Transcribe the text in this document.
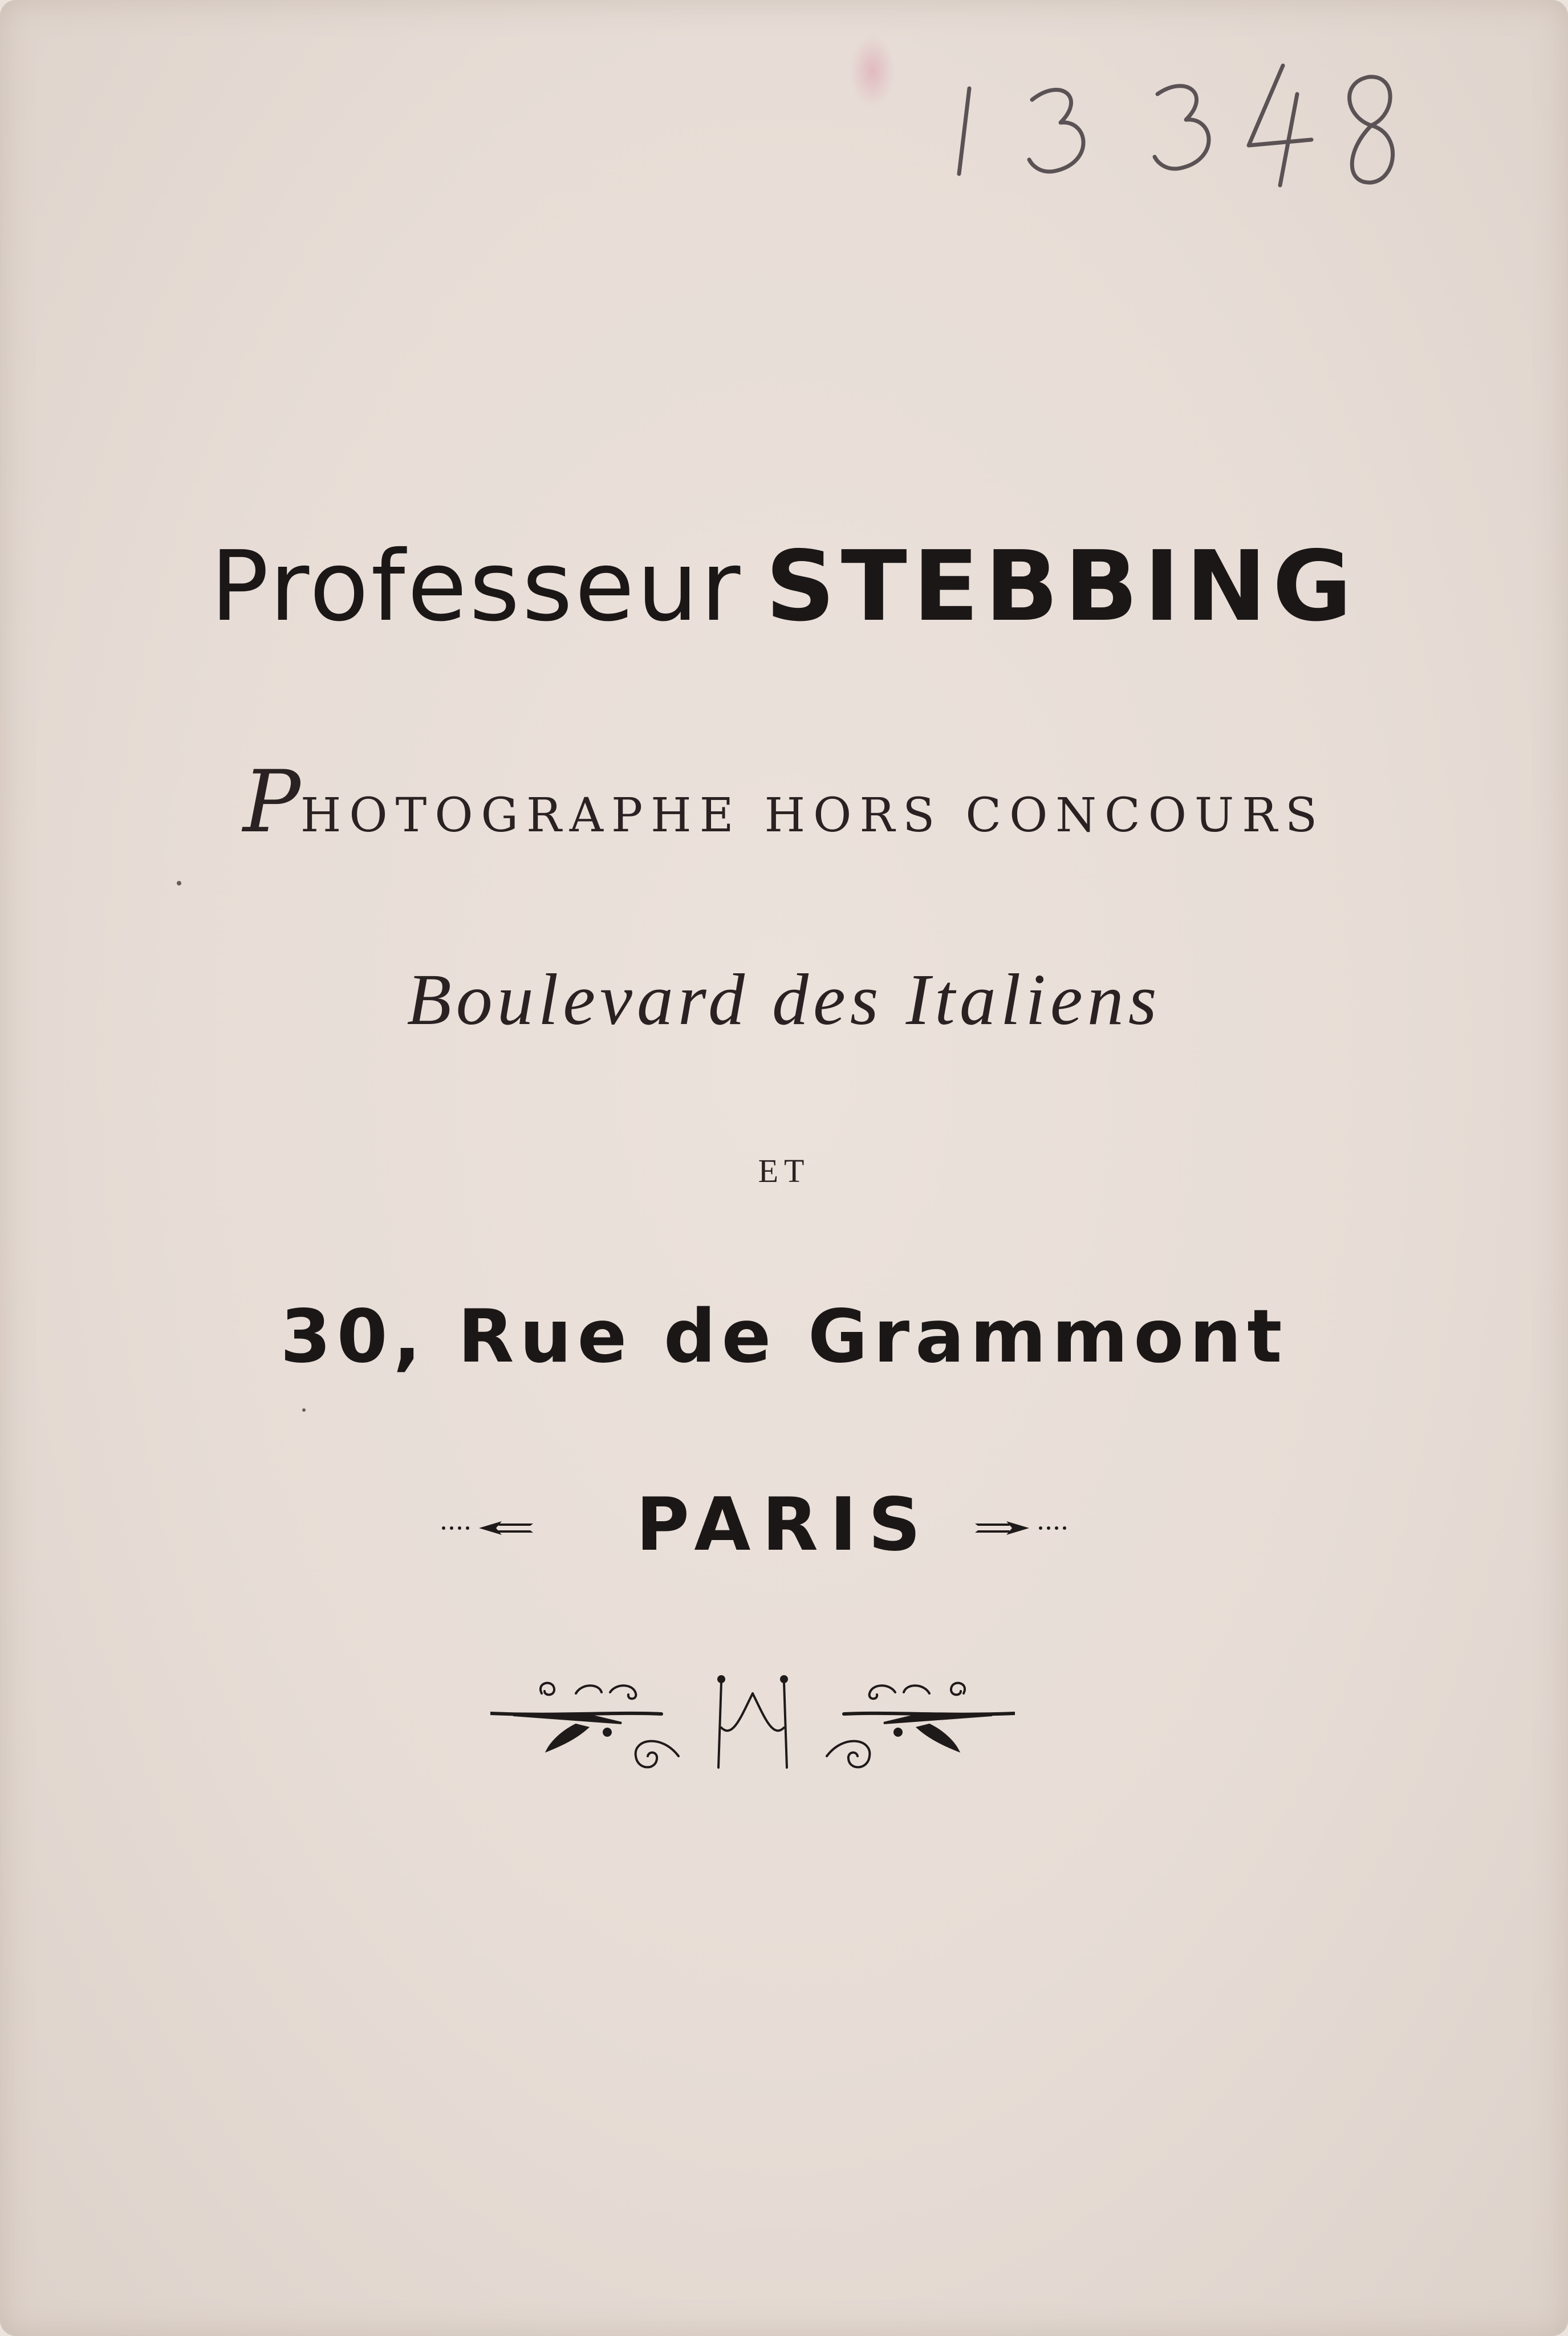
Professeur STEBBING
PHOTOGRAPHE HORS CONCOURS
Boulevard des Italiens
ET
30, Rue de Grammont
PARIS
